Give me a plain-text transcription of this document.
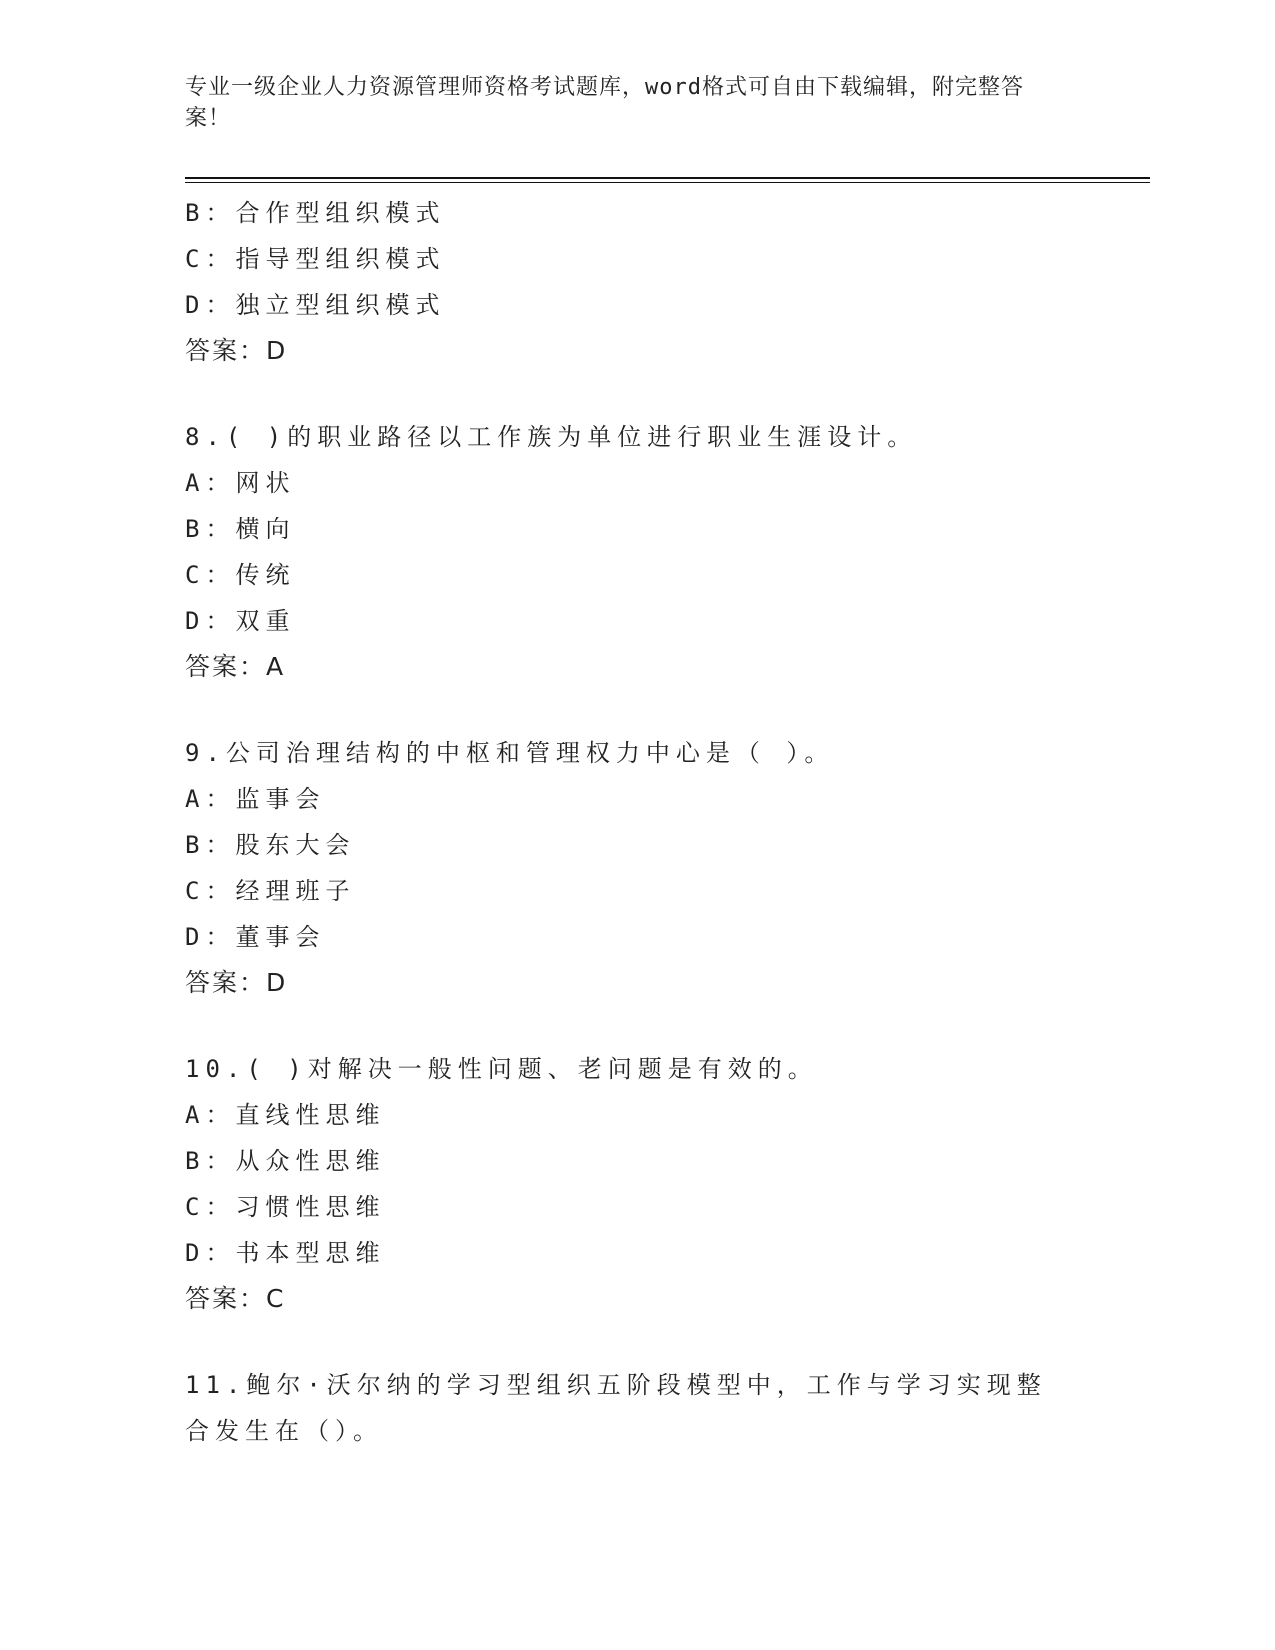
专业一级企业人力资源管理师资格考试题库，word格式可自由下载编辑，附完整答案！
B：合作型组织模式
C：指导型组织模式
D：独立型组织模式
答案：D
8.( )的职业路径以工作族为单位进行职业生涯设计。
A：网状
B：横向
C：传统
D：双重
答案：A
9.公司治理结构的中枢和管理权力中心是（ ）。
A：监事会
B：股东大会
C：经理班子
D：董事会
答案：D
10.( )对解决一般性问题、老问题是有效的。
A：直线性思维
B：从众性思维
C：习惯性思维
D：书本型思维
答案：C
11.鲍尔·沃尔纳的学习型组织五阶段模型中，工作与学习实现整合发生在（）。
